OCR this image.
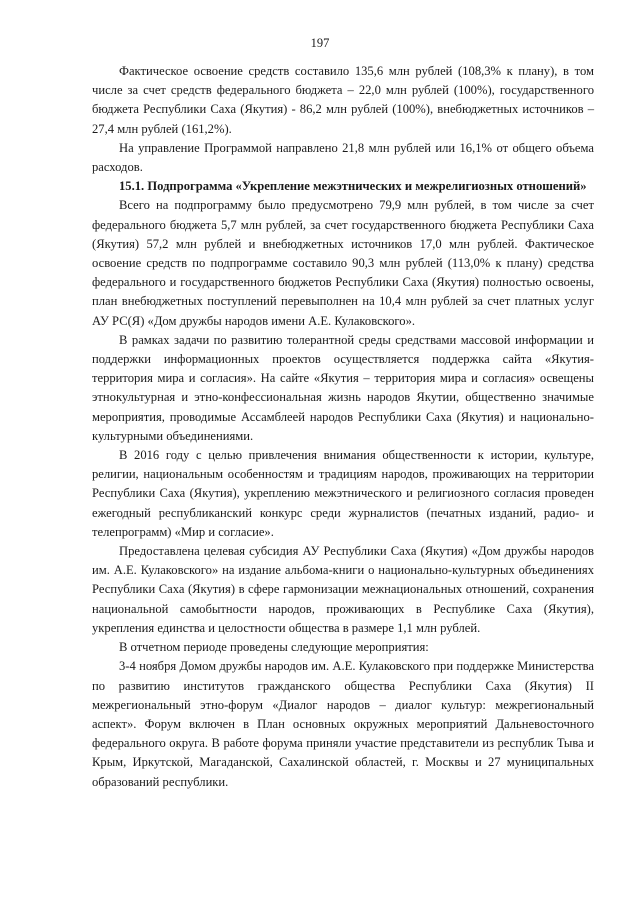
197

Фактическое освоение средств составило 135,6 млн рублей (108,3% к плану), в том числе за счет средств федерального бюджета – 22,0 млн рублей (100%), государственного бюджета Республики Саха (Якутия) - 86,2 млн рублей (100%), внебюджетных источников – 27,4 млн рублей (161,2%).

На управление Программой направлено 21,8 млн рублей или 16,1% от общего объема расходов.

15.1. Подпрограмма «Укрепление межэтнических и межрелигиозных отношений»

Всего на подпрограмму было предусмотрено 79,9 млн рублей, в том числе за счет федерального бюджета 5,7 млн рублей, за счет государственного бюджета Республики Саха (Якутия) 57,2 млн рублей и внебюджетных источников 17,0 млн рублей. Фактическое освоение средств по подпрограмме составило 90,3 млн рублей (113,0% к плану) средства федерального и государственного бюджетов Республики Саха (Якутия) полностью освоены, план внебюджетных поступлений перевыполнен на 10,4 млн рублей за счет платных услуг АУ РС(Я) «Дом дружбы народов имени А.Е. Кулаковского».

В рамках задачи по развитию толерантной среды средствами массовой информации и поддержки информационных проектов осуществляется поддержка сайта «Якутия-территория мира и согласия». На сайте «Якутия – территория мира и согласия» освещены этнокультурная и этно-конфессиональная жизнь народов Якутии, общественно значимые мероприятия, проводимые Ассамблеей народов Республики Саха (Якутия) и национально-культурными объединениями.

В 2016 году с целью привлечения внимания общественности к истории, культуре, религии, национальным особенностям и традициям народов, проживающих на территории Республики Саха (Якутия), укреплению межэтнического и религиозного согласия проведен ежегодный республиканский конкурс среди журналистов (печатных изданий, радио- и телепрограмм) «Мир и согласие».

Предоставлена целевая субсидия АУ Республики Саха (Якутия) «Дом дружбы народов им. А.Е. Кулаковского» на издание альбома-книги о национально-культурных объединениях Республики Саха (Якутия) в сфере гармонизации межнациональных отношений, сохранения национальной самобытности народов, проживающих в Республике Саха (Якутия), укрепления единства и целостности общества в размере 1,1 млн рублей.

В отчетном периоде проведены следующие мероприятия:

3-4 ноября Домом дружбы народов им. А.Е. Кулаковского при поддержке Министерства по развитию институтов гражданского общества Республики Саха (Якутия) II межрегиональный этно-форум «Диалог народов – диалог культур: межрегиональный аспект». Форум включен в План основных окружных мероприятий Дальневосточного федерального округа. В работе форума приняли участие представители из республик Тыва и Крым, Иркутской, Магаданской, Сахалинской областей, г. Москвы и 27 муниципальных образований республики.
